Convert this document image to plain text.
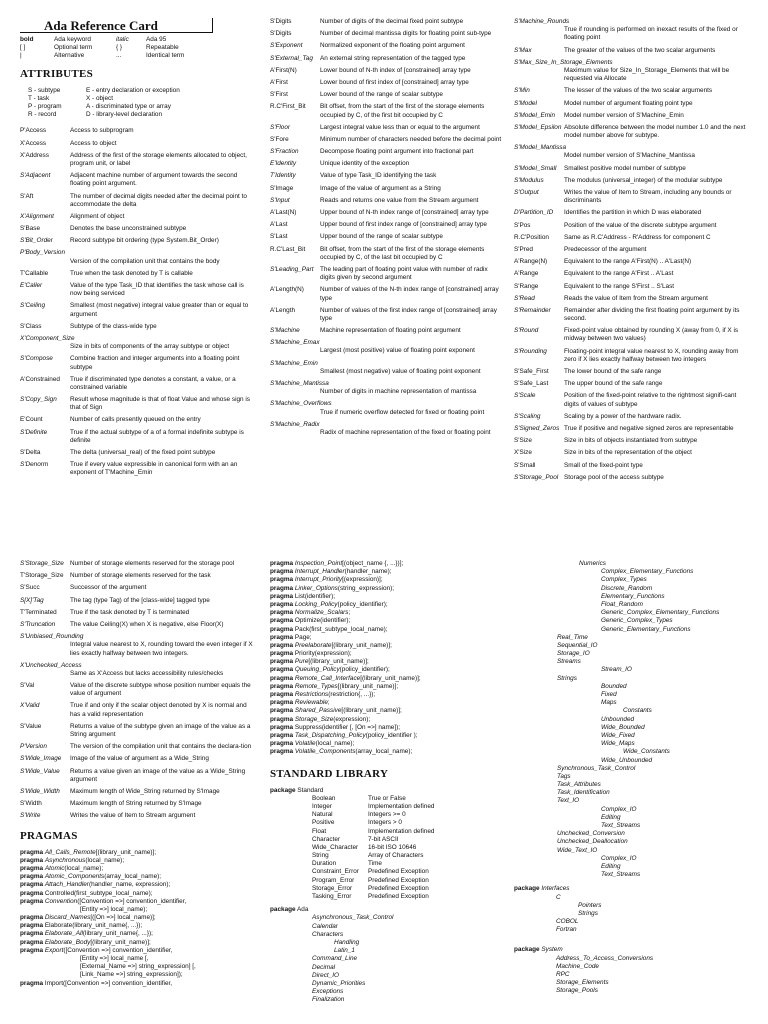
Ada Reference Card
bold	Ada keyword	italic	Ada 95
[ ]	Optional term	{ }	Repeatable
|	Alternative	...	Identical term
ATTRIBUTES
S - subtype	E - entry declaration or exception
T - task	X - object
P - program	A - discriminated type or array
R - record	D - library-level declaration
P'Access	Access to subprogram
X'Access	Access to object
X'Address	Address of the first of the storage elements allocated to object, program unit, or label
S'Adjacent	Adjacent machine number of argument towards the second floating point argument.
S'Aft	The number of decimal digits needed after the decimal point to accommodate the delta
X'Alignment	Alignment of object
S'Base	Denotes the base unconstrained subtype
S'Bit_Order	Record subtype bit ordering (type System.Bit_Order)
P'Body_Version
Version of the compilation unit that contains the body
T'Callable	True when the task denoted by T is callable
E'Caller	Value of the type Task_ID that identifies the task whose call is now being serviced
S'Ceiling	Smallest (most negative) integral value greater than or equal to argument
S'Class	Subtype of the class-wide type
X'Component_Size
Size in bits of components of the array subtype or object
S'Compose	Combine fraction and integer arguments into a floating point subtype
A'Constrained	True if discriminated type denotes a constant, a value, or a constrained variable
S'Copy_Sign	Result whose magnitude is that of float Value and whose sign is that of Sign
E'Count	Number of calls presently queued on the entry
S'Definite	True if the actual subtype of a of a formal indefinite subtype is definite
S'Delta	The delta (universal_real) of the fixed point subtype
S'Denorm	True if every value expressible in canonical form with an an exponent of T'Machine_Emin
S'Digits	Number of digits of the decimal fixed point subtype
S'Digits	Number of decimal mantissa digits for floating point sub-type
S'Exponent	Normalized exponent of the floating point argument
S'External_Tag	An external string representation of the tagged type
A'First(N)	Lower bound of N-th index of [constrained] array type
A'First	Lower bound of first index of [constrained] array type
S'First	Lower bound of the range of scalar subtype
R.C'First_Bit	Bit offset, from the start of the first of the storage elements occupied by C, of the first bit occupied by C
S'Floor	Largest integral value less than or equal to the argument
S'Fore	Minimum number of characters needed before the decimal point
S'Fraction	Decompose floating point argument into fractional part
E'Identity	Unique identity of the exception
T'Identity	Value of type Task_ID identifying the task
S'Image	Image of the value of argument as a String
S'Input	Reads and returns one value from the Stream argument
A'Last(N)	Upper bound of N-th index range of [constrained] array type
A'Last	Upper bound of first index range of [constrained] array type
S'Last	Upper bound of the range of scalar subtype
R.C'Last_Bit	Bit offset, from the start of the first of the storage elements occupied by C, of the last bit occupied by C
S'Leading_Part	The leading part of floating point value with number of radix digits given by second argument
A'Length(N)	Number of values of the N-th index range of [constrained] array type
A'Length	Number of values of the first index range of [constrained] array type
S'Machine	Machine representation of floating point argument
S'Machine_Emax
Largest (most positive) value of floating point exponent
S'Machine_Emin
Smallest (most negative) value of floating point exponent
S'Machine_Mantissa
Number of digits in machine representation of mantissa
S'Machine_Overflows
True if numeric overflow detected for fixed or floating point
S'Machine_Radix
Radix of machine representation of the fixed or floating point
S'Machine_Rounds
True if rounding is performed on inexact results of the fixed or floating point
S'Max	The greater of the values of the two scalar arguments
S'Max_Size_In_Storage_Elements
Maximum value for Size_In_Storage_Elements that will be requested via Allocate
S'Min	The lesser of the values of the two scalar arguments
S'Model	Model number of argument floating point type
S'Model_Emin	Model number version of S'Machine_Emin
S'Model_Epsilon Absolute difference between the model number 1.0 and the next model number above for subtype.
S'Model_Mantissa
Model number version of S'Machine_Mantissa
S'Model_Small	Smallest positive model number of subtype
S'Modulus	The modulus (universal_integer) of the modular subtype
S'Output	Writes the value of Item to Stream, including any bounds or discriminants
D'Partition_ID	Identifies the partition in which D was elaborated
S'Pos	Position of the value of the discrete subtype argument
R.C'Position	Same as R.C'Address - R'Address for component C
S'Pred	Predecessor of the argument
A'Range(N)	Equivalent to the range A'First(N) .. A'Last(N)
A'Range	Equivalent to the range A'First .. A'Last
S'Range	Equivalent to the range S'First .. S'Last
S'Read	Reads the value of Item from the Stream argument
S'Remainder	Remainder after dividing the first floating point argument by its second.
S'Round	Fixed-point value obtained by rounding X (away from 0, if X is midway between two values)
S'Rounding	Floating-point integral value nearest to X, rounding away from zero if X lies exactly halfway between two integers
S'Safe_First	The lower bound of the safe range
S'Safe_Last	The upper bound of the safe range
S'Scale	Position of the fixed-point relative to the rightmost signifi-cant digits of values of subtype
S'Scaling	Scaling by a power of the hardware radix.
S'Signed_Zeros True if positive and negative signed zeros are representable
S'Size	Size in bits of objects instantiated from subtype
X'Size	Size in bits of the representation of the object
S'Small	Small of the fixed-point type
S'Storage_Pool Storage pool of the access subtype
S'Storage_Size Number of storage elements reserved for the storage pool
T'Storage_Size	Number of storage elements reserved for the task
S'Succ	Successor of the argument
S[X]'Tag	The tag (type Tag) of the [class-wide] tagged type
T'Terminated	True if the task denoted by T is terminated
S'Truncation	The value Ceiling(X) when X is negative, else Floor(X)
S'Unbiased_Rounding
Integral value nearest to X, rounding toward the even integer if X lies exactly halfway between two integers.
X'Unchecked_Access
Same as X'Access but lacks accessibility rules/checks
S'Val	Value of the discrete subtype whose position number equals the value of argument
X'Valid	True if and only if the scalar object denoted by X is normal and has a valid representation
S'Value	Returns a value of the subtype given an image of the value as a String argument
P'Version	The version of the compilation unit that contains the declara-tion
S'Wide_Image	Image of the value of argument as a Wide_String
S'Wide_Value	Returns a value given an image of the value as a Wide_String argument
S'Wide_Width	Maximum length of Wide_String returned by S'Image
S'Width	Maximum length of String returned by S'Image
S'Write	Writes the value of Item to Stream argument
PRAGMAS
pragma All_Calls_Remote[(library_unit_name)];
pragma Asynchronous(local_name);
pragma Atomic(local_name);
pragma Atomic_Components(array_local_name);
pragma Attach_Handler(handler_name, expression);
pragma Controlled(first_subtype_local_name);
pragma Convention([Convention =>] convention_identifier,
[Entity =>] local_name);
pragma Discard_Names[([On =>] local_name)];
pragma Elaborate(library_unit_name{, ...});
pragma Elaborate_All(library_unit_name{, ...});
pragma Elaborate_Body[(library_unit_name)];
pragma Export([Convention =>] convention_identifier,
[Entity =>] local_name [,
[External_Name =>] string_expression] [,
[Link_Name =>] string_expression]);
pragma Import([Convention =>] convention_identifier,
pragma Inspection_Point[(object_name {, ...})];
pragma Interrupt_Handler(handler_name);
pragma Interrupt_Priority[(expression)];
pragma Linker_Options(string_expression);
pragma List(identifier);
pragma Locking_Policy(policy_identifier);
pragma Normalize_Scalars;
pragma Optimize(identifier);
pragma Pack(first_subtype_local_name);
pragma Page;
pragma Preelaborate[(library_unit_name)];
pragma Priority(expression);
pragma Pure[(library_unit_name)];
pragma Queuing_Policy(policy_identifier);
pragma Remote_Call_Interface[(library_unit_name)];
pragma Remote_Types[(library_unit_name)];
pragma Restrictions(restriction{, ...});
pragma Reviewable;
pragma Shared_Passive[(library_unit_name)];
pragma Storage_Size(expression);
pragma Suppress(identifier [, [On =>] name]);
pragma Task_Dispatching_Policy(policy_identifier );
pragma Volatile(local_name);
pragma Volatile_Components(array_local_name);
STANDARD LIBRARY
package Standard
Boolean	True or False
Integer	Implementation defined
Natural	Integers >= 0
Positive	Integers > 0
Float	Implementation defined
Character	7-bit ASCII
Wide_Character	16-bit ISO 10646
String	Array of Characters
Duration	Time
Constraint_Error	Predefined Exception
Program_Error	Predefined Exception
Storage_Error	Predefined Exception
Tasking_Error	Predefined Exception
package Ada
Asynchronous_Task_Control
Calendar
Characters
Handling
Latin_1
Command_Line
Decimal
Direct_IO
Dynamic_Priorities
Exceptions
Finalization
Numerics
Complex_Elementary_Functions
Complex_Types
Discrete_Random
Elementary_Functions
Float_Random
Generic_Complex_Elementary_Functions
Generic_Complex_Types
Generic_Elementary_Functions
Real_Time
Sequential_IO
Storage_IO
Streams
Stream_IO
Strings
Bounded
Fixed
Maps
Constants
Unbounded
Wide_Bounded
Wide_Fixed
Wide_Maps
Wide_Constants
Wide_Unbounded
Synchronous_Task_Control
Tags
Task_Attributes
Task_Identification
Text_IO
Complex_IO
Editing
Text_Streams
Unchecked_Conversion
Unchecked_Deallocation
Wide_Text_IO
Complex_IO
Editing
Text_Streams
package Interfaces
C
Pointers
Strings
COBOL
Fortran
package System
Address_To_Access_Conversions
Machine_Code
RPC
Storage_Elements
Storage_Pools
